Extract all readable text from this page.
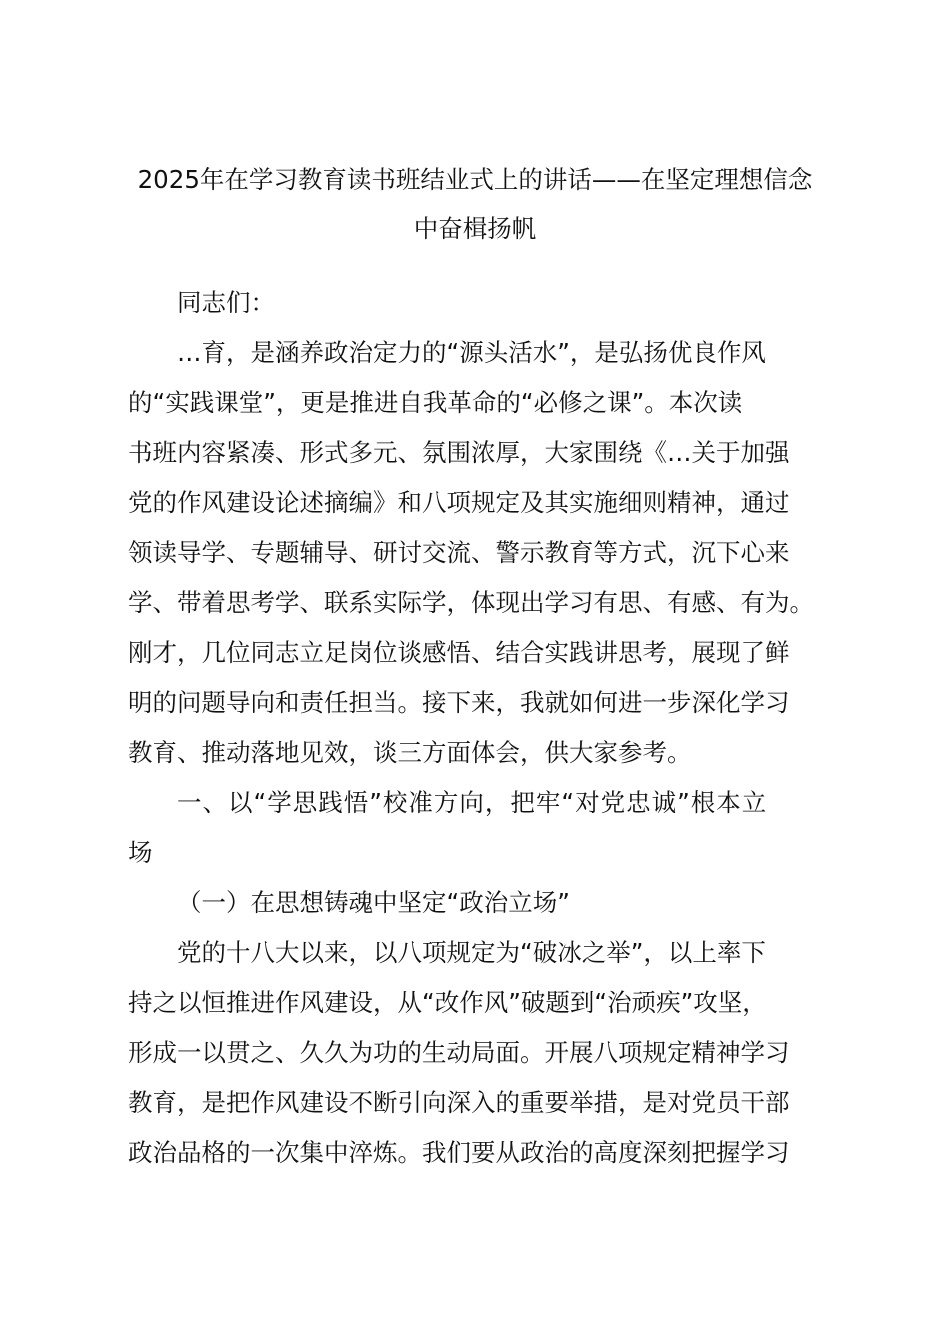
2025年在学习教育读书班结业式上的讲话——在坚定理想信念
中奋楫扬帆
同志们：
…育，是涵养政治定力的“源头活水”，是弘扬优良作风
的“实践课堂”，更是推进自我革命的“必修之课”。本次读
书班内容紧凑、形式多元、氛围浓厚，大家围绕《…关于加强
党的作风建设论述摘编》和八项规定及其实施细则精神，通过
领读导学、专题辅导、研讨交流、警示教育等方式，沉下心来
学、带着思考学、联系实际学，体现出学习有思、有感、有为。
刚才，几位同志立足岗位谈感悟、结合实践讲思考，展现了鲜
明的问题导向和责任担当。接下来，我就如何进一步深化学习
教育、推动落地见效，谈三方面体会，供大家参考。
一、以“学思践悟”校准方向，把牢“对党忠诚”根本立
场
（一）在思想铸魂中坚定“政治立场”
党的十八大以来，以八项规定为“破冰之举”，以上率下
持之以恒推进作风建设，从“改作风”破题到“治顽疾”攻坚，
形成一以贯之、久久为功的生动局面。开展八项规定精神学习
教育，是把作风建设不断引向深入的重要举措，是对党员干部
政治品格的一次集中淬炼。我们要从政治的高度深刻把握学习
